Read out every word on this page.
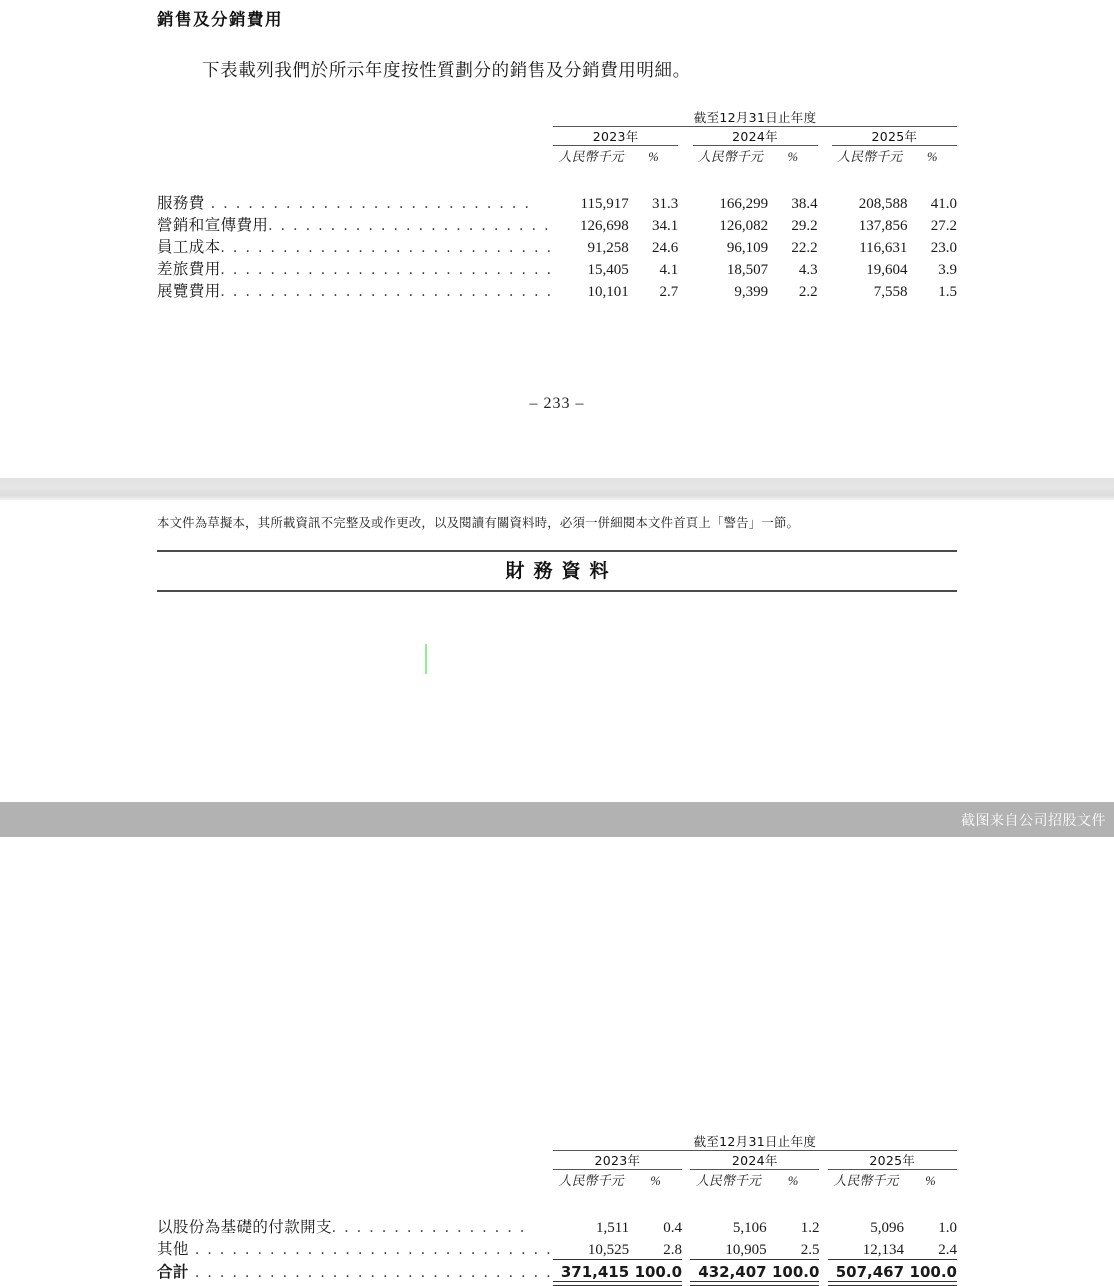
銷售及分銷費用
下表載列我們於所示年度按性質劃分的銷售及分銷費用明細。
	截至12月31日止年度							

	2023年			2024年			2025年	

	人民幣千元	%		人民幣千元	%		人民幣千元	%

服務費 . . . . . . . . . . . . . . . . . . . . . . . . . .	115,917	31.3		166,299	38.4		208,588	41.0
營銷和宣傳費用. . . . . . . . . . . . . . . . . . . . . . .	126,698	34.1		126,082	29.2		137,856	27.2
員工成本. . . . . . . . . . . . . . . . . . . . . . . . . . .	91,258	24.6		96,109	22.2		116,631	23.0
差旅費用. . . . . . . . . . . . . . . . . . . . . . . . . . .	15,405	4.1		18,507	4.3		19,604	3.9
展覽費用. . . . . . . . . . . . . . . . . . . . . . . . . . .	10,101	2.7		9,399	2.2		7,558	1.5
– 233 –
本文件為草擬本，其所載資訊不完整及或作更改，以及閱讀有關資料時，必須一併細閱本文件首頁上「警告」一節。
財務資料
	截至12月31日止年度							

	2023年			2024年			2025年	

	人民幣千元	%		人民幣千元	%		人民幣千元	%

以股份為基礎的付款開支. . . . . . . . . . . . . . . .	1,511	0.4		5,106	1.2		5,096	1.0
其他 . . . . . . . . . . . . . . . . . . . . . . . . . . . . .	10,525	2.8		10,905	2.5		12,134	2.4

合計 . . . . . . . . . . . . . . . . . . . . . . . . . . . . .	371,415	100.0		432,407	100.0		507,467	100.0

截图来自公司招股文件
